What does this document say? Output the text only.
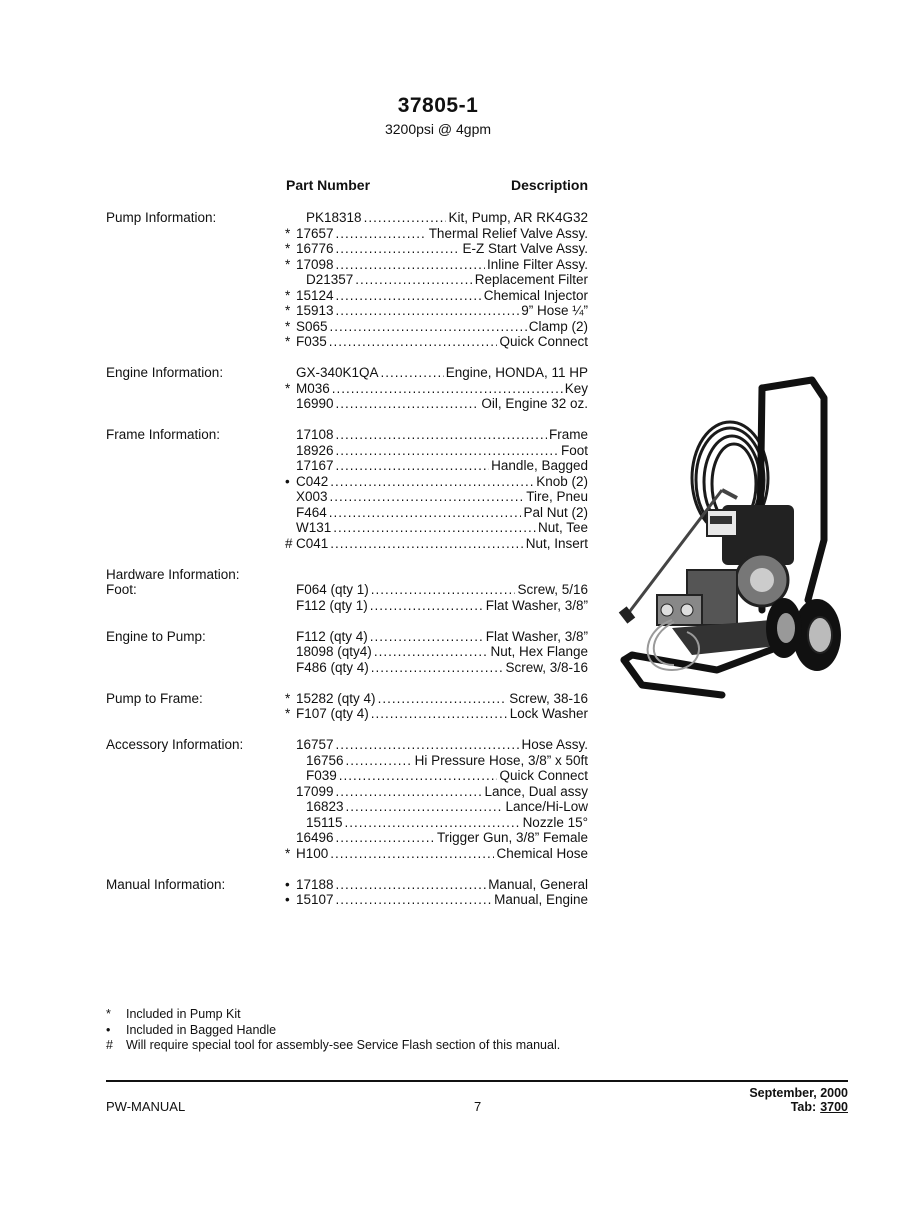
37805-1
3200psi @ 4gpm
Part Number	Description
Pump Information:	PK18318 .....	Kit, Pump, AR RK4G32
* 17657 .....	Thermal Relief Valve Assy.
* 16776 .....	E-Z Start Valve Assy.
* 17098 .....	Inline Filter Assy.
D21357 .....	Replacement Filter
* 15124 .....	Chemical Injector
* 15913 .....	9” Hose ¼”
* S065 .....	Clamp (2)
* F035 .....	Quick Connect
Engine Information:	GX-340K1QA .....	Engine, HONDA, 11 HP
* M036 .....	Key
16990 .....	Oil, Engine 32 oz.
Frame Information:	17108 .....	Frame
18926 .....	Foot
17167 .....	Handle, Bagged
• C042 .....	Knob (2)
X003 .....	Tire, Pneu
F464 .....	Pal Nut (2)
W131 .....	Nut, Tee
# C041 .....	Nut, Insert
Hardware Information:
Foot:	F064 (qty 1) .....	Screw, 5/16
F112 (qty 1) .....	Flat Washer, 3/8”
Engine to Pump:	F112 (qty 4) .....	Flat Washer, 3/8”
18098 (qty4) .....	Nut, Hex Flange
F486 (qty 4) .....	Screw, 3/8-16
Pump to Frame:	* 15282 (qty 4) .....	Screw, 38-16
* F107 (qty 4) .....	Lock Washer
Accessory Information:	16757 .....	Hose Assy.
16756 .....	Hi Pressure Hose, 3/8” x 50ft
F039 .....	Quick Connect
17099 .....	Lance, Dual assy
16823 .....	Lance/Hi-Low
15115 .....	Nozzle 15°
16496 .....	Trigger Gun, 3/8” Female
* H100 .....	Chemical Hose
Manual Information:	• 17188 .....	Manual, General
• 15107 .....	Manual, Engine
* Included in Pump Kit
• Included in Bagged Handle
# Will require special tool for assembly-see Service Flash section of this manual.
PW-MANUAL	7
September, 2000
Tab: 3700
